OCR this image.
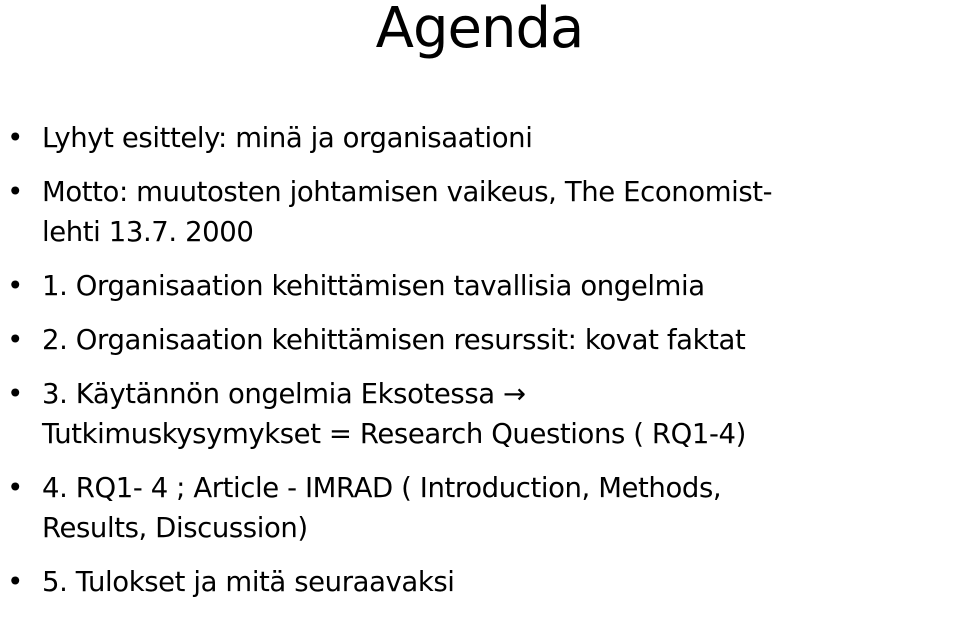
Agenda
• Lyhyt esittely: minä ja organisaationi
• Motto: muutosten johtamisen vaikeus, The Economist-
lehti 13.7. 2000
• 1. Organisaation kehittämisen tavallisia ongelmia
• 2. Organisaation kehittämisen resurssit: kovat faktat
• 3. Käytännön ongelmia Eksotessa →
Tutkimuskysymykset = Research Questions ( RQ1-4)
• 4. RQ1- 4 ; Article - IMRAD ( Introduction, Methods,
Results, Discussion)
• 5. Tulokset ja mitä seuraavaksi
